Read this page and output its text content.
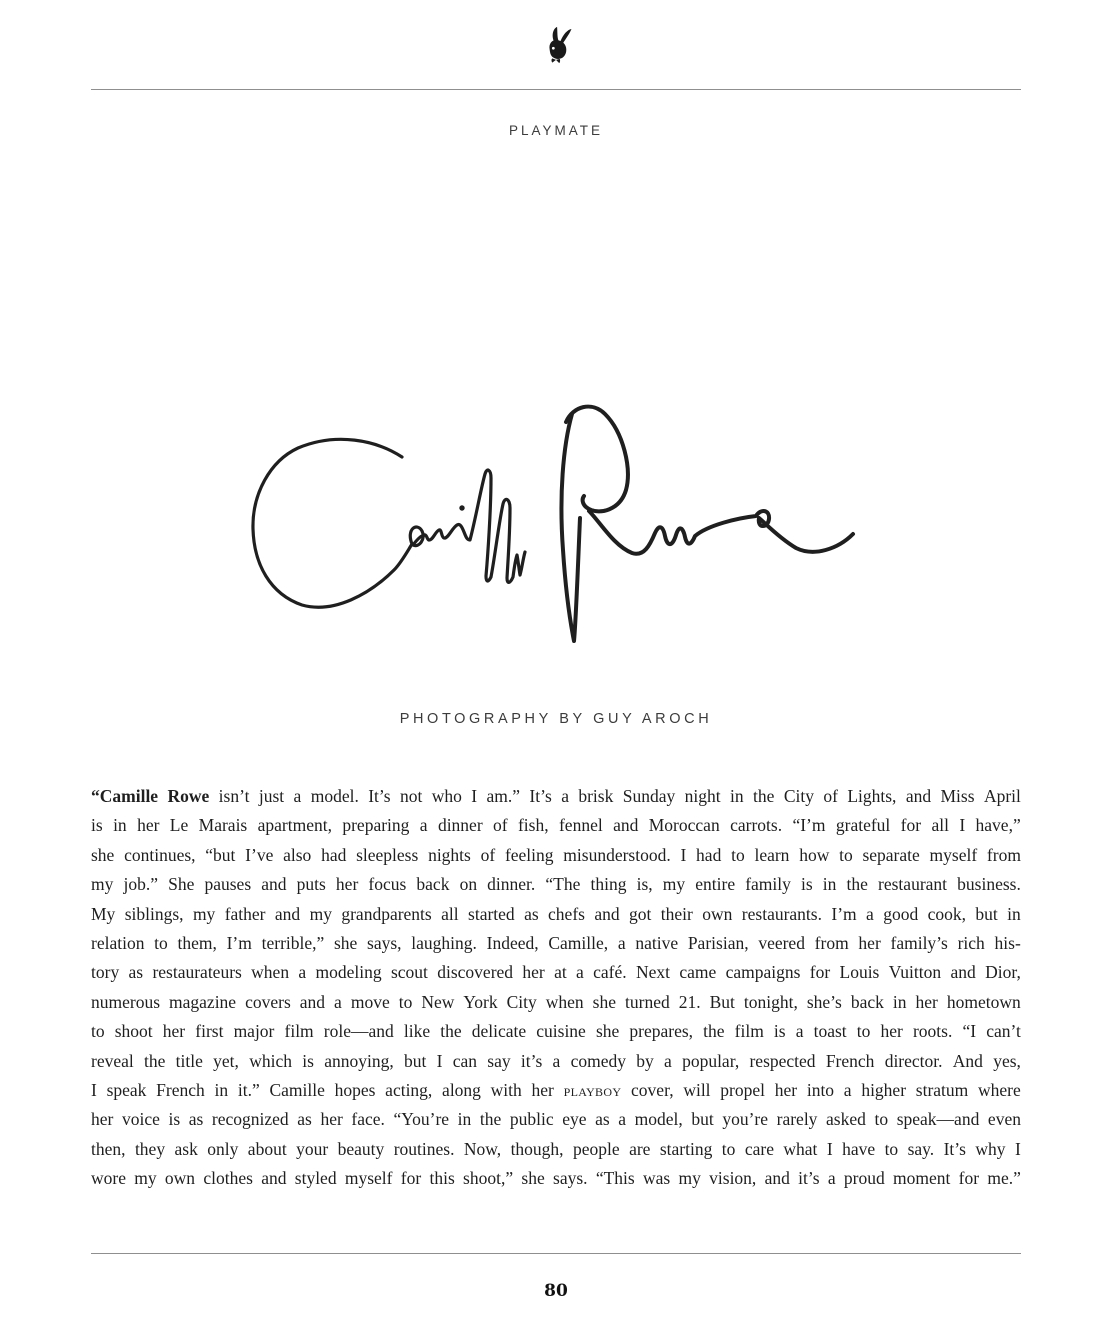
PLAYMATE
PHOTOGRAPHY BY GUY AROCH
“Camille Rowe isn’t just a model. It’s not who I am.” It’s a brisk Sunday night in the City of Lights, and Miss April
is in her Le Marais apartment, preparing a dinner of fish, fennel and Moroccan carrots. “I’m grateful for all I have,”
she continues, “but I’ve also had sleepless nights of feeling misunderstood. I had to learn how to separate myself from
my job.” She pauses and puts her focus back on dinner. “The thing is, my entire family is in the restaurant business.
My siblings, my father and my grandparents all started as chefs and got their own restaurants. I’m a good cook, but in
relation to them, I’m terrible,” she says, laughing. Indeed, Camille, a native Parisian, veered from her family’s rich his-
tory as restaurateurs when a modeling scout discovered her at a café. Next came campaigns for Louis Vuitton and Dior,
numerous magazine covers and a move to New York City when she turned 21. But tonight, she’s back in her hometown
to shoot her first major film role—and like the delicate cuisine she prepares, the film is a toast to her roots. “I can’t
reveal the title yet, which is annoying, but I can say it’s a comedy by a popular, respected French director. And yes,
I speak French in it.” Camille hopes acting, along with her playboy cover, will propel her into a higher stratum where
her voice is as recognized as her face. “You’re in the public eye as a model, but you’re rarely asked to speak—and even
then, they ask only about your beauty routines. Now, though, people are starting to care what I have to say. It’s why I
wore my own clothes and styled myself for this shoot,” she says. “This was my vision, and it’s a proud moment for me.”
80
